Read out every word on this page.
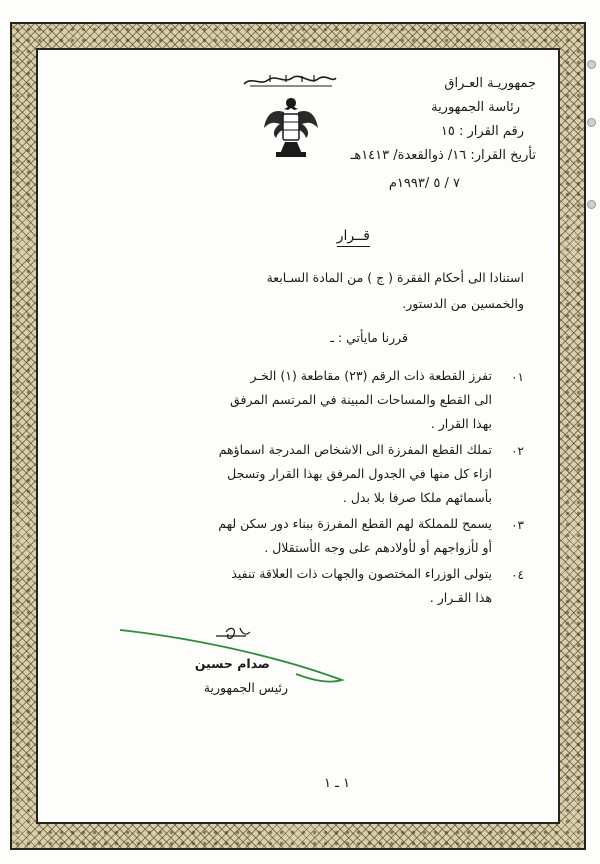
جمهوريـة العـراق
رئاسة الجمهورية
رقم القرار : ١٥
تأريخ القرار: ١٦/ ذوالقعدة/ ١٤١٣هـ
٧ / ٥ /١٩٩٣م
بسم الله الرحمن الرحيم
قــرار
استنادا الى أحكام الفقرة ( ج ) من المادة السـابعة
والخمسين من الدستور.
قررنا مايأتي : ـ
٠١
تفرز القطعة ذات الرقم (٢٣) مقاطعة (١) الخـر
الى القطع والمساحات المبينة في المرتسم المرفق
بهذا القرار .
٠٢
تملك القطع المفرزة الى الاشخاص المدرجة اسماؤهم
ازاء كل منها في الجدول المرفق بهذا القرار وتسجل
بأسمائهم ملكا صرفا بلا بدل .
٠٣
يسمح للمملكة لهم القطع المفرزة ببناء دور سكن لهم
أو لأزواجهم أو لأولادهم على وجه الأستقلال .
٠٤
يتولى الوزراء المختصون والجهات ذات العلاقة تنفيذ
هذا القـرار .
صدام حسين
رئيس الجمهورية
١ ـ ١
